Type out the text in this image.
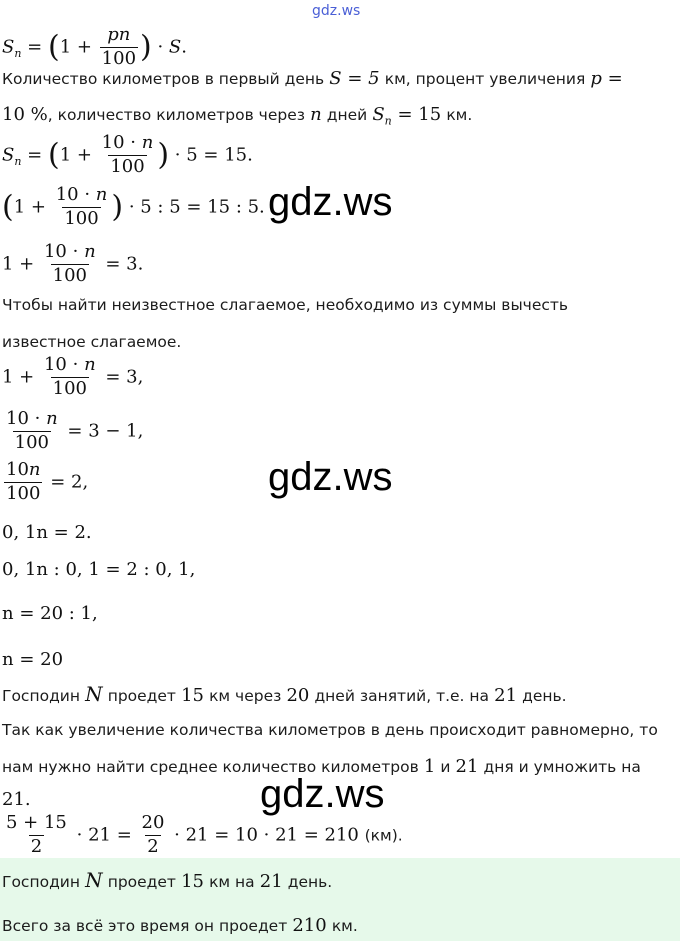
gdz.ws
$S_n = (1 + \frac{pn}{100}$ ) · S.
Количество километров в первый день S = 5 км, процент увеличения p =
10 %, количество километров через n дней $S_n = 15$ км.
$S_n = (1 + \frac{10 \cdot n}{100}$ ) · 5 = 15.
($1 + \frac{10 \cdot n}{100}$ ) · 5 : 5 = 15 : 5.
$1 + \frac{10 \cdot n}{100} = 3$.
Чтобы найти неизвестное слагаемое, необходимо из суммы вычесть
известное слагаемое.
$1 + \frac{10 \cdot n}{100} = 3$,
$\frac{10 \cdot n}{100} = 3 - 1$,
$\frac{10n}{100} = 2$,
0, 1n = 2.
0, 1n : 0, 1 = 2 : 0, 1,
n = 20 : 1,
n = 20
Господин N проедет 15 км через 20 дней занятий, т.е. на 21 день.
Так как увеличение количества километров в день происходит равномерно, то
нам нужно найти среднее количество километров 1 и 21 дня и умножить на
21.
$\frac{5 + 15}{2} \cdot 21 = \frac{20}{2} \cdot 21 = 10 \cdot 21 = 210$ (км).
Господин N проедет 15 км на 21 день.
Всего за всё это время он проедет 210 км.
gdz.ws
gdz.ws
gdz.ws
